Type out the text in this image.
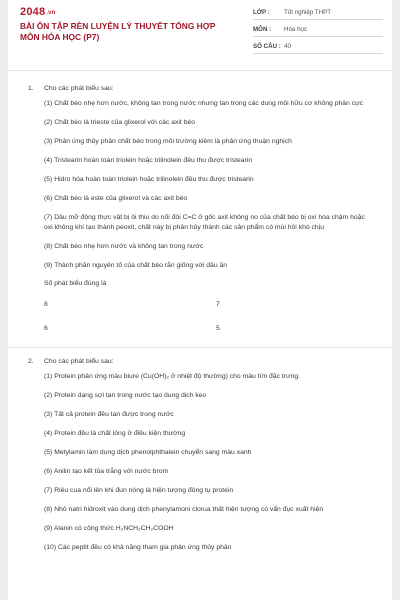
2048.vn
BÀI ÔN TẬP RÈN LUYỆN LÝ THUYẾT TỔNG HỢP MÔN HÓA HỌC (P7)
LỚP :	Tốt nghiệp THPT
MÔN :	Hóa học
SỐ CÂU : 40
1.	Cho các phát biểu sau:
(1) Chất béo nhẹ hơn nước, không tan trong nước nhưng tan trong các dung môi hữu cơ không phân cực
(2) Chất béo là trieste của glixerol với các axit béo
(3) Phản ứng thủy phân chất béo trong môi trường kiềm là phản ứng thuận nghịch
(4) Tristearin hoàn toàn triolein hoặc trilinolein đều thu được tristearin
(5) Hidro hóa hoàn toàn triolein hoặc trilinolein đều thu được tristearin
(6) Chất béo là este của glixerol và các axit béo
(7) Dầu mỡ động thực vật bị ôi thiu do nối đôi C=C ở gốc axit không no của chất béo bị oxi hóa chậm hoặc oxi không khí tạo thành peoxit, chất này bị phân hủy thành các sản phẩm có mùi hôi khó chịu
(8) Chất béo nhẹ hơn nước và không tan trong nước
(9) Thành phần nguyên tố của chất béo rắn giống với dầu ăn
Số phát biểu đúng là
8	7
6	5
2.	Cho các phát biểu sau:
(1) Protein phản ứng màu biure (Cu(OH)₂ ở nhiệt độ thường) cho màu tím đặc trưng.
(2) Protein dạng sợi tan trong nước tạo dung dịch keo
(3) Tất cả protein đều tan được trong nước
(4) Protein đều là chất lỏng ở điều kiện thường
(5) Metylamin làm dung dịch phenolphthalein chuyển sang màu xanh
(6) Anilin tạo kết tủa trắng với nước brom
(7) Riêu cua nổi lên khi đun nóng là hiện tượng đông tụ protein
(8) Nhỏ natri hidroxit vào dung dịch phenylamoni clorua thất hiện tượng có vẩn đục xuất hiện
(9) Alanin có công thức H₂NCH₂CH₂COOH
(10) Các peptit đều có khả năng tham gia phản ứng thủy phân
